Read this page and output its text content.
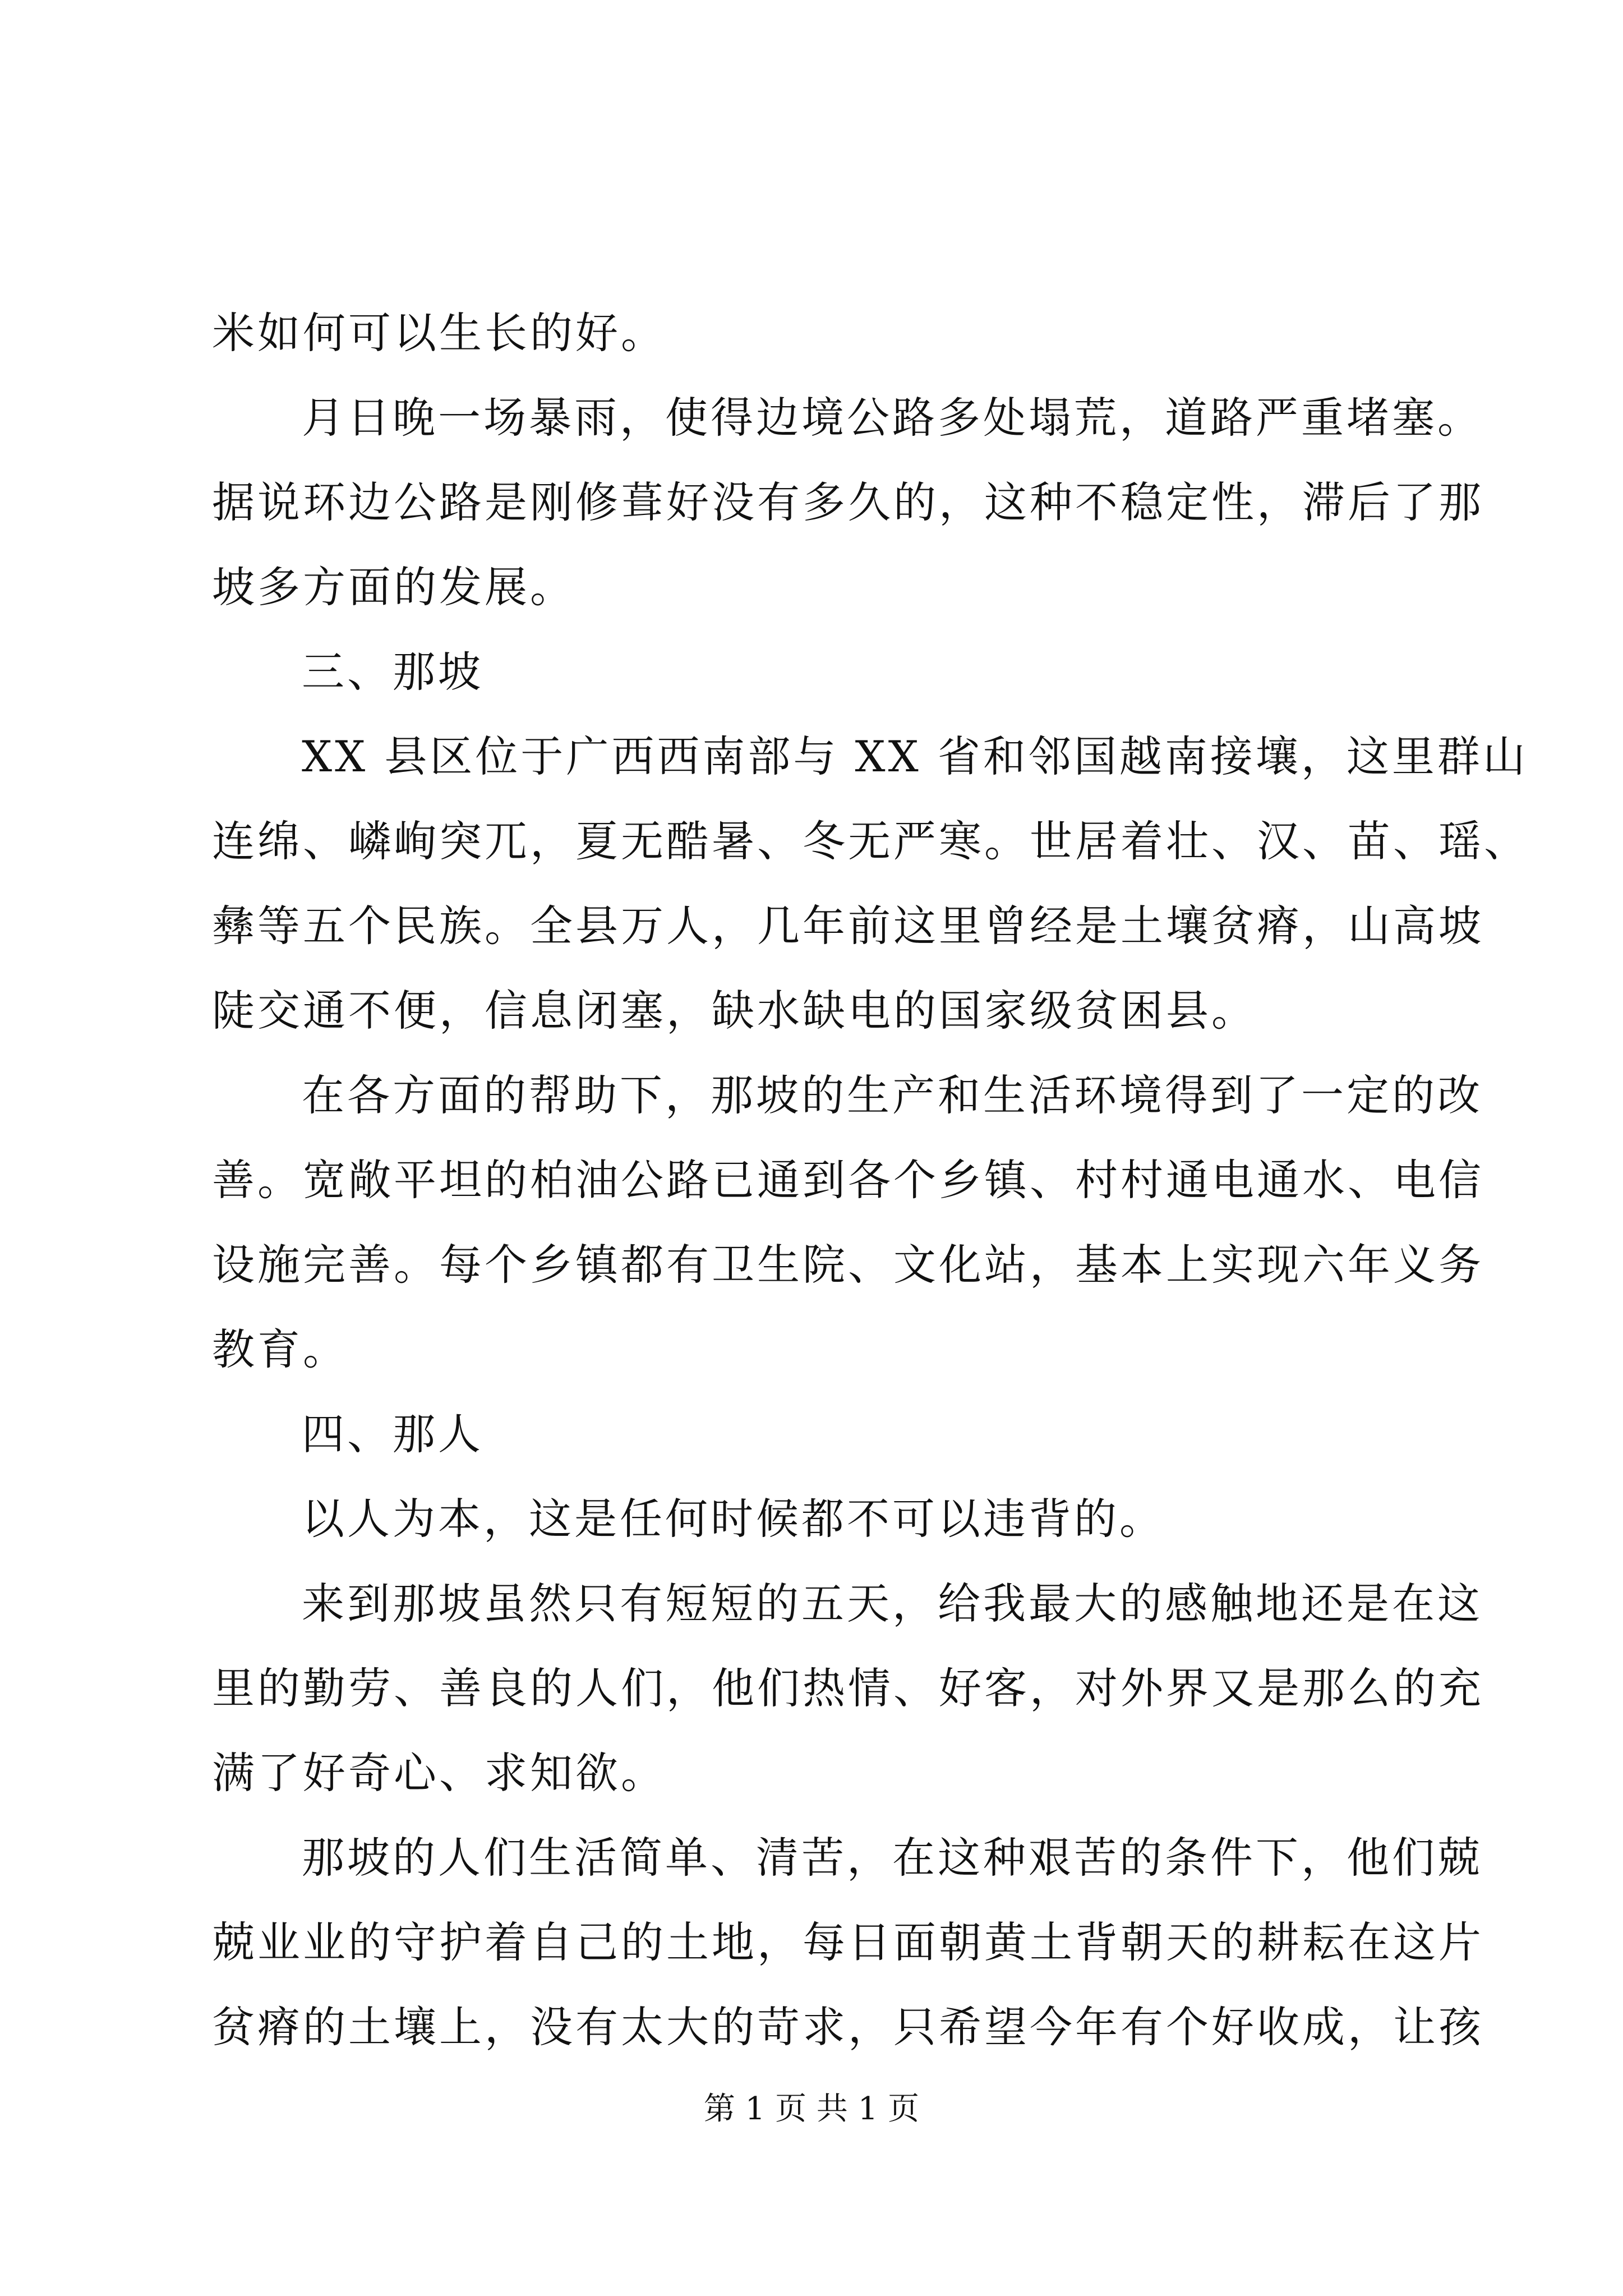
米如何可以生长的好。
月日晚一场暴雨，使得边境公路多处塌荒，道路严重堵塞。
据说环边公路是刚修葺好没有多久的，这种不稳定性，滞后了那
坡多方面的发展。
三、那坡
XX 县区位于广西西南部与 XX 省和邻国越南接壤，这里群山
连绵、嶙峋突兀，夏无酷暑、冬无严寒。世居着壮、汉、苗、瑶、
彝等五个民族。全县万人，几年前这里曾经是土壤贫瘠，山高坡
陡交通不便，信息闭塞，缺水缺电的国家级贫困县。
在各方面的帮助下，那坡的生产和生活环境得到了一定的改
善。宽敞平坦的柏油公路已通到各个乡镇、村村通电通水、电信
设施完善。每个乡镇都有卫生院、文化站，基本上实现六年义务
教育。
四、那人
以人为本，这是任何时候都不可以违背的。
来到那坡虽然只有短短的五天，给我最大的感触地还是在这
里的勤劳、善良的人们，他们热情、好客，对外界又是那么的充
满了好奇心、求知欲。
那坡的人们生活简单、清苦，在这种艰苦的条件下，他们兢
兢业业的守护着自己的土地，每日面朝黄土背朝天的耕耘在这片
贫瘠的土壤上，没有太大的苛求，只希望今年有个好收成，让孩
第 1 页 共 1 页
